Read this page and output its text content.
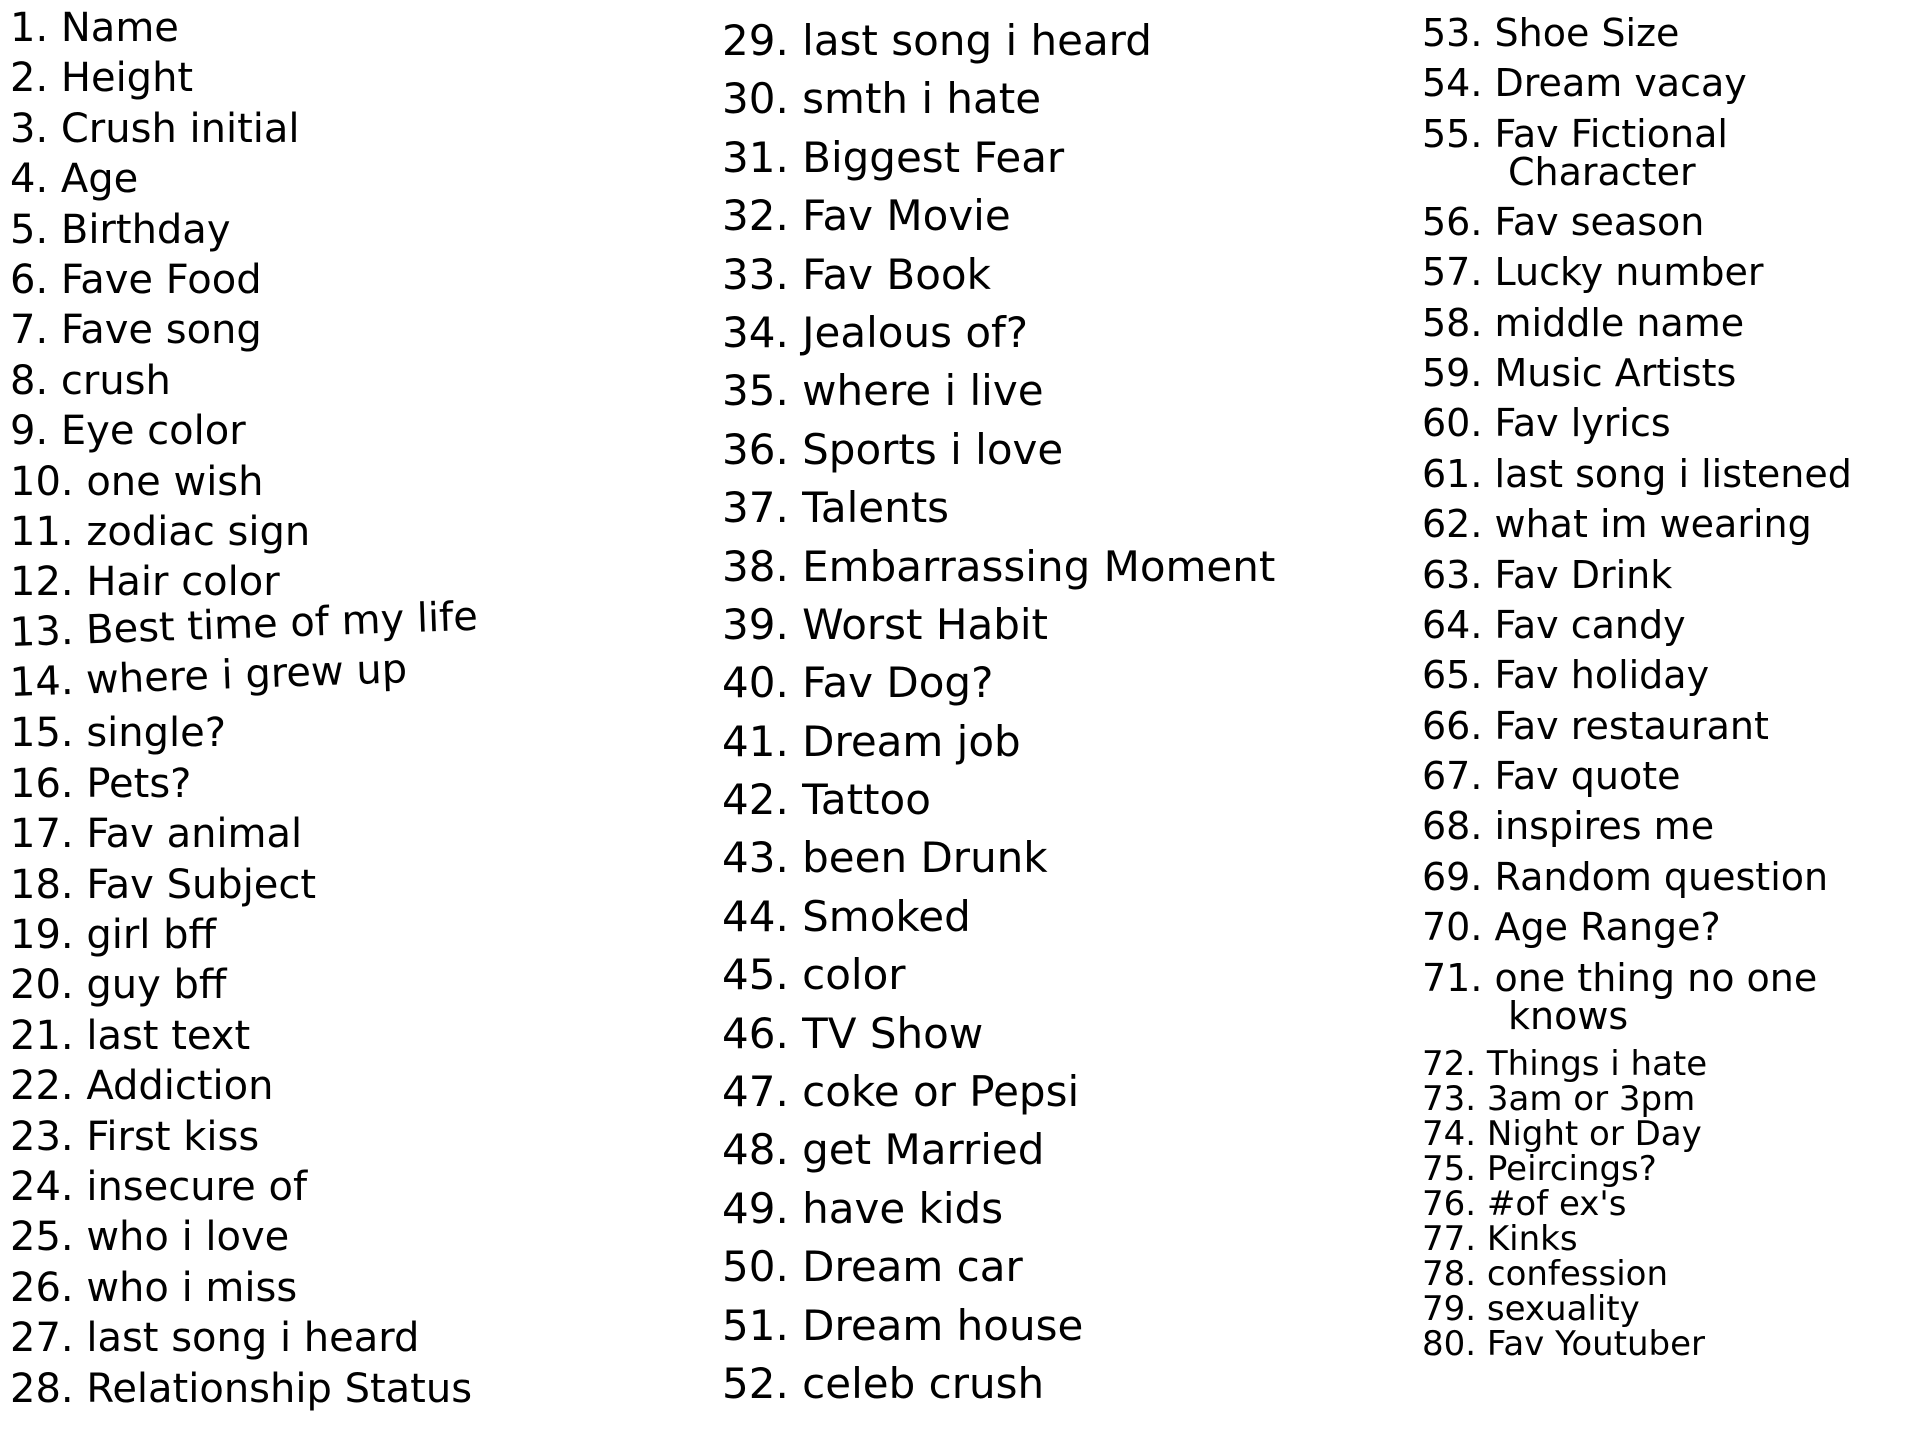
1. Name
2. Height
3. Crush initial
4. Age
5. Birthday
6. Fave Food
7. Fave song
8. crush
9. Eye color
10. one wish
11. zodiac sign
12. Hair color
13. Best time of my life
14. where i grew up
15. single?
16. Pets?
17. Fav animal
18. Fav Subject
19. girl bff
20. guy bff
21. last text
22. Addiction
23. First kiss
24. insecure of
25. who i love
26. who i miss
27. last song i heard
28. Relationship Status
29. last song i heard
30. smth i hate
31. Biggest Fear
32. Fav Movie
33. Fav Book
34. Jealous of?
35. where i live
36. Sports i love
37. Talents
38. Embarrassing Moment
39. Worst Habit
40. Fav Dog?
41. Dream job
42. Tattoo
43. been Drunk
44. Smoked
45. color
46. TV Show
47. coke or Pepsi
48. get Married
49. have kids
50. Dream car
51. Dream house
52. celeb crush
53. Shoe Size
54. Dream vacay
55. Fav Fictional
Character
56. Fav season
57. Lucky number
58. middle name
59. Music Artists
60. Fav lyrics
61. last song i listened
62. what im wearing
63. Fav Drink
64. Fav candy
65. Fav holiday
66. Fav restaurant
67. Fav quote
68. inspires me
69. Random question
70. Age Range?
71. one thing no one
knows
72. Things i hate
73. 3am or 3pm
74. Night or Day
75. Peircings?
76. #of ex's
77. Kinks
78. confession
79. sexuality
80. Fav Youtuber
